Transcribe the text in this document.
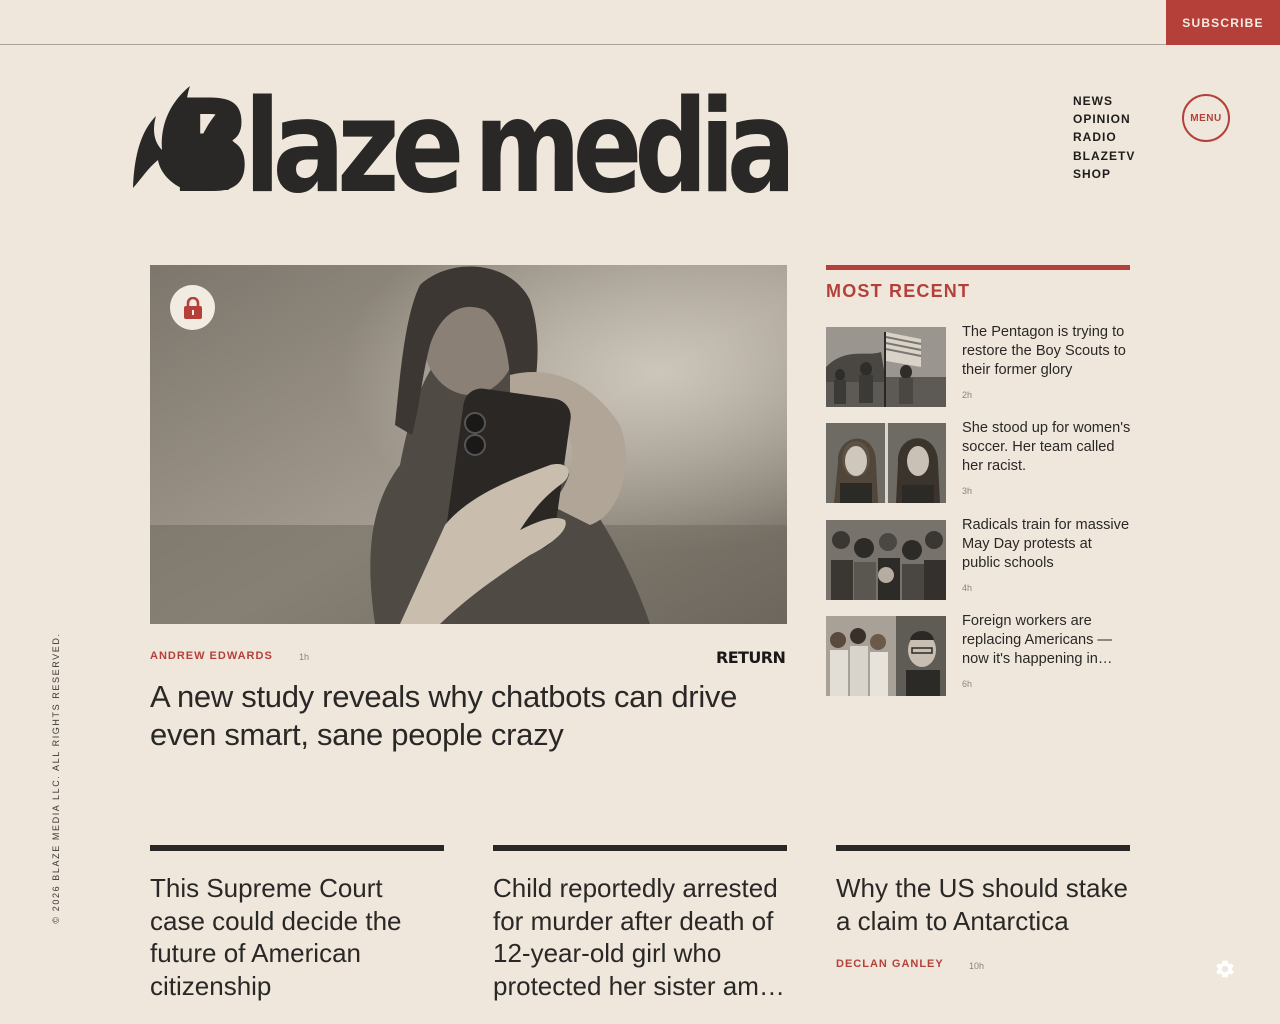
SUBSCRIBE
Blaze media	NEWS
OPINION
RADIO
BLAZETV
SHOP
MENU
ANDREW EDWARDS	1h	RETURN
A new study reveals why chatbots can drive even smart, sane people crazy
MOST RECENT
The Pentagon is trying to restore the Boy Scouts to their former glory
2h
She stood up for women's soccer. Her team called her racist.
3h
Radicals train for massive May Day protests at public schools
4h
Foreign workers are replacing Americans — now it's happening in
6h
This Supreme Court case could decide the future of American citizenship
Child reportedly arrested for murder after death of 12-year-old girl who protected her sister amid
Why the US should stake a claim to Antarctica
DECLAN GANLEY	10h
© 2026 BLAZE MEDIA LLC. ALL RIGHTS RESERVED.
